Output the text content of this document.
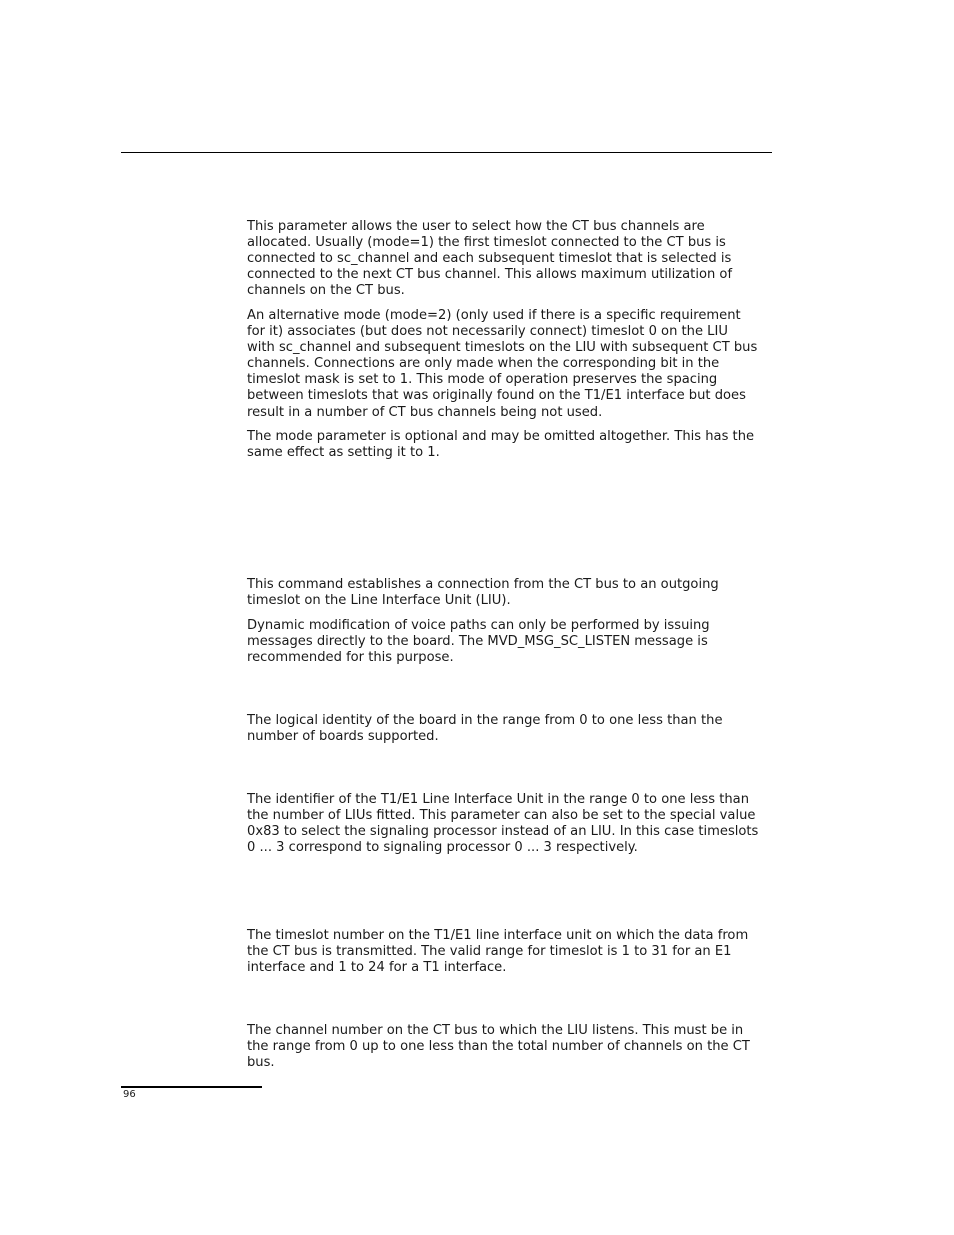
This parameter allows the user to select how the CT bus channels are
allocated. Usually (mode=1) the first timeslot connected to the CT bus is
connected to sc_channel and each subsequent timeslot that is selected is
connected to the next CT bus channel. This allows maximum utilization of
channels on the CT bus.

An alternative mode (mode=2) (only used if there is a specific requirement
for it) associates (but does not necessarily connect) timeslot 0 on the LIU
with sc_channel and subsequent timeslots on the LIU with subsequent CT bus
channels. Connections are only made when the corresponding bit in the
timeslot mask is set to 1. This mode of operation preserves the spacing
between timeslots that was originally found on the T1/E1 interface but does
result in a number of CT bus channels being not used.

The mode parameter is optional and may be omitted altogether. This has the
same effect as setting it to 1.

This command establishes a connection from the CT bus to an outgoing
timeslot on the Line Interface Unit (LIU).

Dynamic modification of voice paths can only be performed by issuing
messages directly to the board. The MVD_MSG_SC_LISTEN message is
recommended for this purpose.

The logical identity of the board in the range from 0 to one less than the
number of boards supported.

The identifier of the T1/E1 Line Interface Unit in the range 0 to one less than
the number of LIUs fitted. This parameter can also be set to the special value
0x83 to select the signaling processor instead of an LIU. In this case timeslots
0 ... 3 correspond to signaling processor 0 ... 3 respectively.

The timeslot number on the T1/E1 line interface unit on which the data from
the CT bus is transmitted. The valid range for timeslot is 1 to 31 for an E1
interface and 1 to 24 for a T1 interface.

The channel number on the CT bus to which the LIU listens. This must be in
the range from 0 up to one less than the total number of channels on the CT
bus.

96
